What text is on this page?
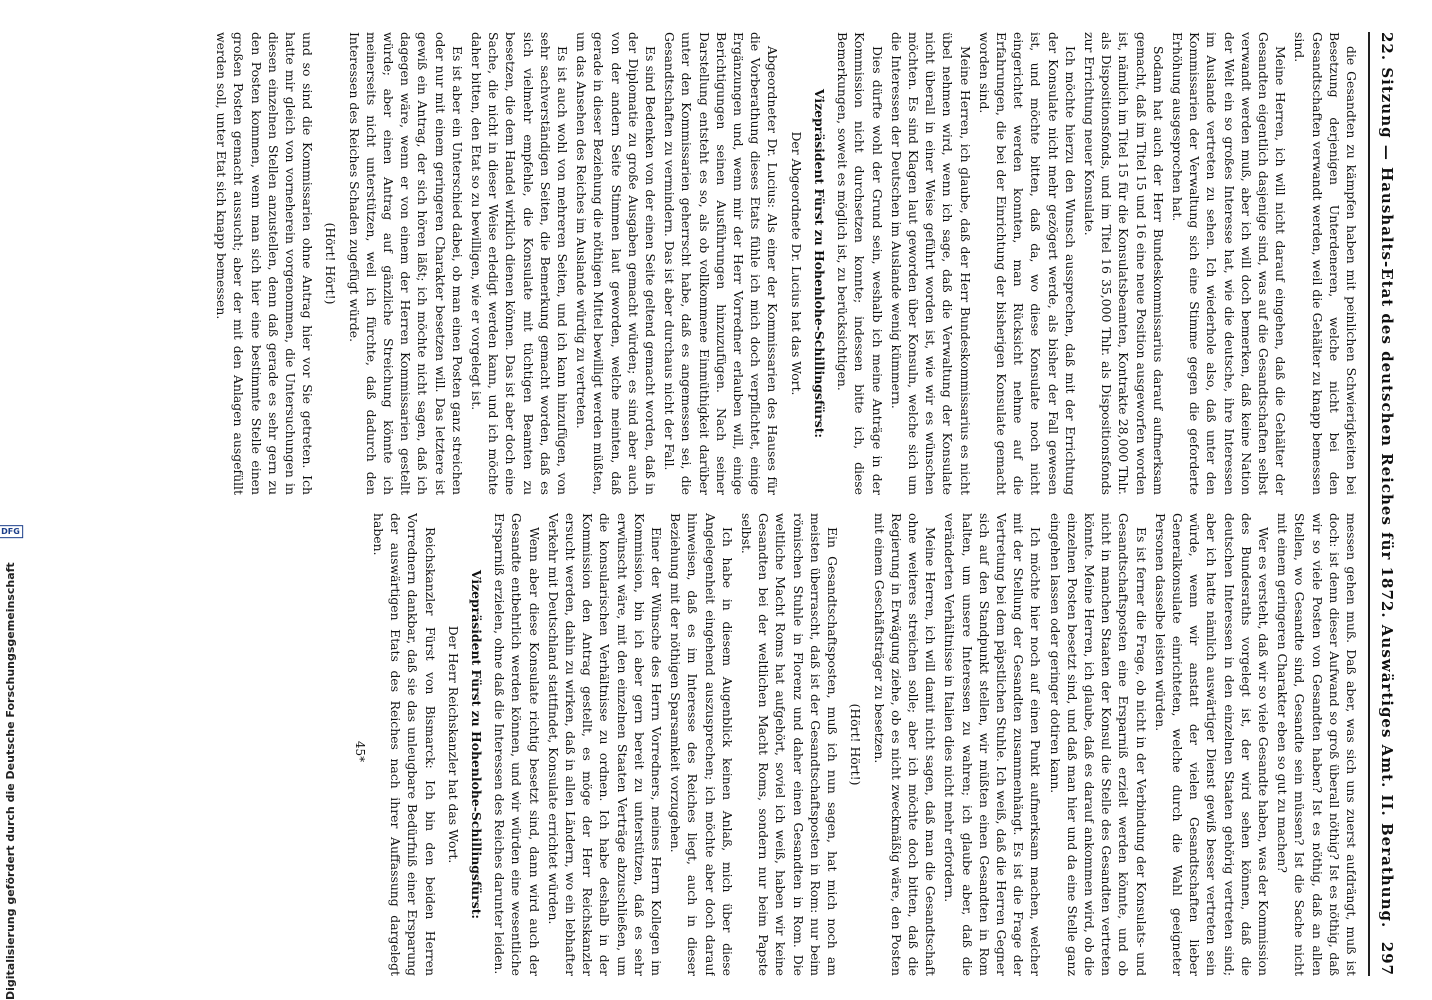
22. Sitzung — Haushalts-Etat des deutschen Reiches für 1872. Auswärtiges Amt. II. Berathung.
297

die Gesandten zu kämpfen haben mit peinlichen Schwierigkeiten bei Besetzung derjenigen Unterdeneren, welche nicht bei den Gesandtschaften verwandt werden, weil die Gehälter zu knapp bemessen sind.

Meine Herren, ich will nicht darauf eingehen, daß die Gehälter der Gesandten eigentlich dasjenige sind, was auf die Gesandtschaften selbst verwandt werden muß, aber ich will doch bemerken, daß keine Nation der Welt ein so großes Interesse hat, wie die deutsche, ihre Interessen im Auslande vertreten zu sehen. Ich wiederhole also, daß unter den Kommissarien der Verwaltung sich eine Stimme gegen die geforderte Erhöhung ausgesprochen hat.

Sodann hat auch der Herr Bundeskommissarius darauf aufmerksam gemacht, daß im Titel 15 und 16 eine neue Position ausgeworfen worden ist, nämlich im Titel 15 für die Konsulatsbeamten, Kontrakte 28,000 Thlr. als Dispositionsfonds, und im Titel 16 35,000 Thlr. als Dispositionsfonds zur Errichtung neuer Konsulate.

Ich möchte hierzu den Wunsch aussprechen, daß mit der Errichtung der Konsulate nicht mehr gezögert werde, als bisher der Fall gewesen ist, und möchte bitten, daß da, wo diese Konsulate noch nicht eingerichtet werden konnten, man Rücksicht nehme auf die Erfahrungen, die bei der Einrichtung der bisherigen Konsulate gemacht worden sind.

Meine Herren, ich glaube, daß der Herr Bundeskommissarius es nicht übel nehmen wird, wenn ich sage, daß die Verwaltung der Konsulate nicht überall in einer Weise geführt worden ist, wie wir es wünschen möchten. Es sind Klagen laut geworden über Konsuln, welche sich um die Interessen der Deutschen im Auslande wenig kümmern.

Dies dürfte wohl der Grund sein, weshalb ich meine Anträge in der Kommission nicht durchsetzen konnte; indessen bitte ich, diese Bemerkungen, soweit es möglich ist, zu berücksichtigen.

Vizepräsident Fürst zu Hohenlohe-Schillingsfürst:

Der Abgeordnete Dr. Lucius hat das Wort.

Abgeordneter Dr. Lucius: Als einer der Kommissarien des Hauses für die Vorberathung dieses Etats fühle ich mich doch verpflichtet, einige Ergänzungen und, wenn mir der Herr Vorredner erlauben will, einige Berichtigungen seinen Ausführungen hinzuzufügen. Nach seiner Darstellung entsteht es so, als ob vollkommene Einmüthigkeit darüber unter den Kommissarien geherrscht habe, daß es angemessen sei, die Gesandtschaften zu vermindern. Das ist aber durchaus nicht der Fall.

Es sind Bedenken von der einen Seite geltend gemacht worden, daß in der Diplomatie zu große Ausgaben gemacht würden; es sind aber auch von der andern Seite Stimmen laut geworden, welche meinten, daß gerade in dieser Beziehung die nöthigen Mittel bewilligt werden müßten, um das Ansehen des Reiches im Auslande würdig zu vertreten.

Es ist auch wohl von mehreren Seiten, und ich kann hinzufügen, von sehr sachverständigen Seiten, die Bemerkung gemacht worden, daß es sich vielmehr empfehle, die Konsulate mit tüchtigen Beamten zu besetzen, die dem Handel wirklich dienen können. Das ist aber doch eine Sache, die nicht in dieser Weise erledigt werden kann, und ich möchte daher bitten, den Etat so zu bewilligen, wie er vorgelegt ist.

Es ist aber ein Unterschied dabei, ob man einen Posten ganz streichen oder nur mit einem geringeren Charakter besetzen will. Das letztere ist gewiß ein Antrag, der sich hören läßt; ich möchte nicht sagen, daß ich dagegen wäre, wenn er von einem der Herren Kommissarien gestellt würde; aber einen Antrag auf gänzliche Streichung könnte ich meinerseits nicht unterstützen, weil ich fürchte, daß dadurch den Interessen des Reiches Schaden zugefügt würde.

(Hört! Hört!)

und so sind die Kommissarien ohne Antrag hier vor Sie getreten. Ich hatte mir gleich von vorneherein vorgenommen, die Untersuchungen in diesen einzelnen Stellen anzustellen, denn daß gerade es sehr gern zu den Posten kommen, wenn man sich hier eine bestimmte Stelle einen großen Posten gemacht aussucht; aber der mit den Anlagen ausgefüllt werden soll, unter Etat sich knapp bemessen.

messen gehen muß. Daß aber, was sich uns zuerst aufdrängt, muß ist doch: ist denn dieser Aufwand so groß überall nöthig? Ist es nöthig, daß wir so viele Posten von Gesandten haben? Ist es nöthig, daß an allen Stellen, wo Gesandte sind, Gesandte sein müssen? Ist die Sache nicht mit einem geringeren Charakter eben so gut zu machen?

Wer es versteht, daß wir so viele Gesandte haben, was der Kommission des Bundesraths vorgelegt ist, der wird sehen können, daß die deutschen Interessen in den einzelnen Staaten gehörig vertreten sind; aber ich hatte nämlich auswärtiger Dienst gewiß besser vertreten sein würde, wenn wir anstatt der vielen Gesandtschaften lieber Generalkonsulate einrichteten, welche durch die Wahl geeigneter Personen dasselbe leisten würden.

Es ist ferner die Frage, ob nicht in der Verbindung der Konsulats- und Gesandtschaftsposten eine Ersparniß erzielt werden könnte, und ob nicht in manchen Staaten der Konsul die Stelle des Gesandten vertreten könnte. Meine Herren, ich glaube, daß es darauf ankommen wird, ob die einzelnen Posten besetzt sind, und daß man hier und da eine Stelle ganz eingehen lassen oder geringer dotiren kann.

Ich möchte hier noch auf einen Punkt aufmerksam machen, welcher mit der Stellung der Gesandten zusammenhängt. Es ist die Frage der Vertretung bei dem päpstlichen Stuhle. Ich weiß, daß die Herren Gegner sich auf den Standpunkt stellen, wir müßten einen Gesandten in Rom halten, um unsere Interessen zu wahren; ich glaube aber, daß die veränderten Verhältnisse in Italien dies nicht mehr erfordern.

Meine Herren, ich will damit nicht sagen, daß man die Gesandtschaft ohne weiteres streichen solle; aber ich möchte doch bitten, daß die Regierung in Erwägung ziehe, ob es nicht zweckmäßig wäre, den Posten mit einem Geschäftsträger zu besetzen.

(Hört! Hört!)

Ein Gesandtschaftsposten, muß ich nun sagen, hat mich noch am meisten überrascht, daß ist der Gesandtschaftsposten in Rom: nur beim römischen Stuhle in Florenz und daher einen Gesandten in Rom. Die weltliche Macht Roms hat aufgehört, soviel ich weiß, haben wir keine Gesandten bei der weltlichen Macht Roms, sondern nur beim Papste selbst.

Ich habe in diesem Augenblick keinen Anlaß, mich über diese Angelegenheit eingehend auszusprechen; ich möchte aber doch darauf hinweisen, daß es im Interesse des Reiches liegt, auch in dieser Beziehung mit der nöthigen Sparsamkeit vorzugehen.

Einer der Wünsche des Herrn Vorredners, meines Herrn Kollegen im Kommission, bin ich aber gern bereit zu unterstützen, daß es sehr erwünscht wäre, mit den einzelnen Staaten Verträge abzuschließen, um die konsularischen Verhältnisse zu ordnen. Ich habe deshalb in der Kommission den Antrag gestellt, es möge der Herr Reichskanzler ersucht werden, dahin zu wirken, daß in allen Ländern, wo ein lebhafter Verkehr mit Deutschland stattfindet, Konsulate errichtet würden.

Wenn aber diese Konsulate richtig besetzt sind, dann wird auch der Gesandte entbehrlich werden können, und wir würden eine wesentliche Ersparniß erzielen, ohne daß die Interessen des Reiches darunter leiden.

Vizepräsident Fürst zu Hohenlohe-Schillingsfürst:

Der Herr Reichskanzler hat das Wort.

Reichskanzler Fürst von Bismarck: Ich bin den beiden Herren Vorrednern dankbar, daß sie das unleugbare Bedürfniß einer Ersparung der auswärtigen Etats des Reiches nach ihrer Auffassung dargelegt haben.

45*

Digitalisierung gefördert durch die Deutsche Forschungsgemeinschaft
DFG
